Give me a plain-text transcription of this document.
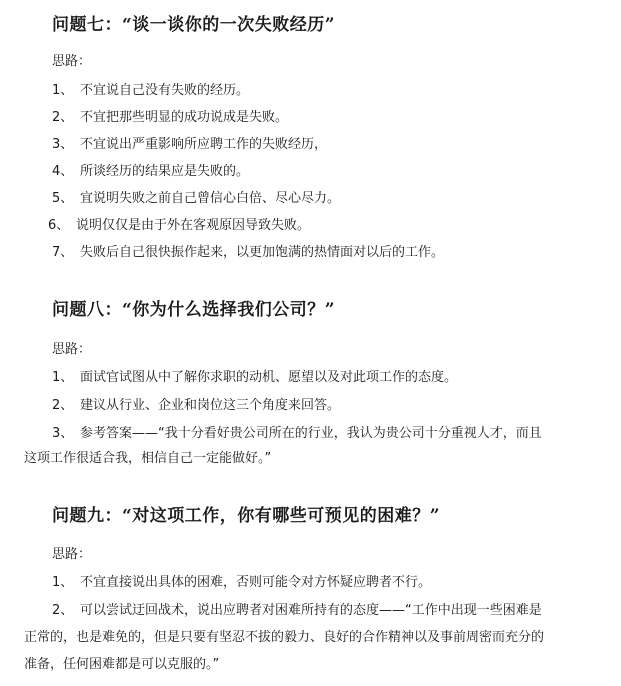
问题七：“谈一谈你的一次失败经历”
思路：
1、 不宜说自己没有失败的经历。
2、 不宜把那些明显的成功说成是失败。
3、 不宜说出严重影响所应聘工作的失败经历，
4、 所谈经历的结果应是失败的。
5、 宜说明失败之前自己曾信心白倍、尽心尽力。
6、 说明仅仅是由于外在客观原因导致失败。
7、 失败后自己很快振作起来，以更加饱满的热情面对以后的工作。
问题八：“你为什么选择我们公司？”
思路：
1、 面试官试图从中了解你求职的动机、愿望以及对此项工作的态度。
2、 建议从行业、企业和岗位这三个角度来回答。
3、 参考答案——“我十分看好贵公司所在的行业，我认为贵公司十分重视人才，而且
这项工作很适合我，相信自己一定能做好。”
问题九：“对这项工作，你有哪些可预见的困难？”
思路：
1、 不宜直接说出具体的困难，否则可能令对方怀疑应聘者不行。
2、 可以尝试迂回战术，说出应聘者对困难所持有的态度——“工作中出现一些困难是
正常的，也是难免的，但是只要有坚忍不拔的毅力、良好的合作精神以及事前周密而充分的
准备，任何困难都是可以克服的。”
